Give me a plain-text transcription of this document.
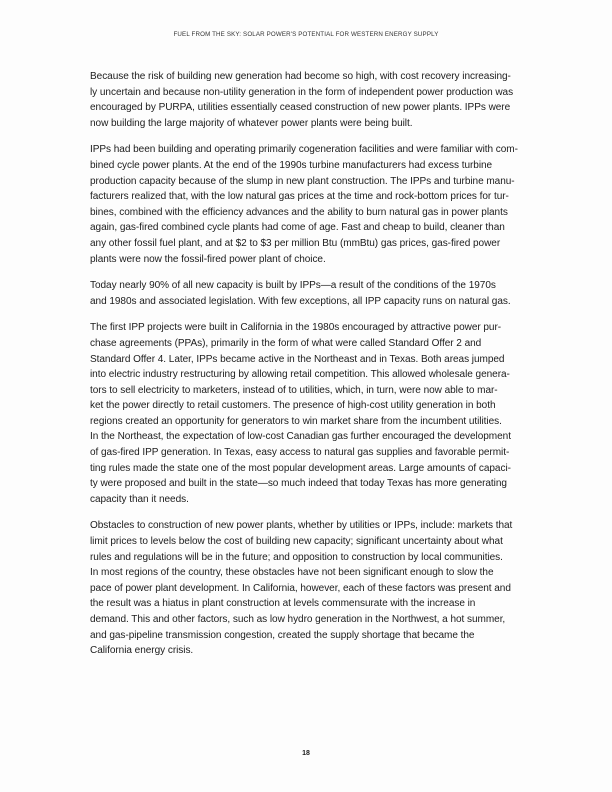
FUEL FROM THE SKY: SOLAR POWER'S POTENTIAL FOR WESTERN ENERGY SUPPLY

Because the risk of building new generation had become so high, with cost recovery increasing-
ly uncertain and because non-utility generation in the form of independent power production was
encouraged by PURPA, utilities essentially ceased construction of new power plants. IPPs were
now building the large majority of whatever power plants were being built.

IPPs had been building and operating primarily cogeneration facilities and were familiar with com-
bined cycle power plants. At the end of the 1990s turbine manufacturers had excess turbine
production capacity because of the slump in new plant construction. The IPPs and turbine manu-
facturers realized that, with the low natural gas prices at the time and rock-bottom prices for tur-
bines, combined with the efficiency advances and the ability to burn natural gas in power plants
again, gas-fired combined cycle plants had come of age. Fast and cheap to build, cleaner than
any other fossil fuel plant, and at $2 to $3 per million Btu (mmBtu) gas prices, gas-fired power
plants were now the fossil-fired power plant of choice.

Today nearly 90% of all new capacity is built by IPPs—a result of the conditions of the 1970s
and 1980s and associated legislation. With few exceptions, all IPP capacity runs on natural gas.

The first IPP projects were built in California in the 1980s encouraged by attractive power pur-
chase agreements (PPAs), primarily in the form of what were called Standard Offer 2 and
Standard Offer 4. Later, IPPs became active in the Northeast and in Texas. Both areas jumped
into electric industry restructuring by allowing retail competition. This allowed wholesale genera-
tors to sell electricity to marketers, instead of to utilities, which, in turn, were now able to mar-
ket the power directly to retail customers. The presence of high-cost utility generation in both
regions created an opportunity for generators to win market share from the incumbent utilities.
In the Northeast, the expectation of low-cost Canadian gas further encouraged the development
of gas-fired IPP generation. In Texas, easy access to natural gas supplies and favorable permit-
ting rules made the state one of the most popular development areas. Large amounts of capaci-
ty were proposed and built in the state—so much indeed that today Texas has more generating
capacity than it needs.

Obstacles to construction of new power plants, whether by utilities or IPPs, include: markets that
limit prices to levels below the cost of building new capacity; significant uncertainty about what
rules and regulations will be in the future; and opposition to construction by local communities.
In most regions of the country, these obstacles have not been significant enough to slow the
pace of power plant development. In California, however, each of these factors was present and
the result was a hiatus in plant construction at levels commensurate with the increase in
demand. This and other factors, such as low hydro generation in the Northwest, a hot summer,
and gas-pipeline transmission congestion, created the supply shortage that became the
California energy crisis.

18
